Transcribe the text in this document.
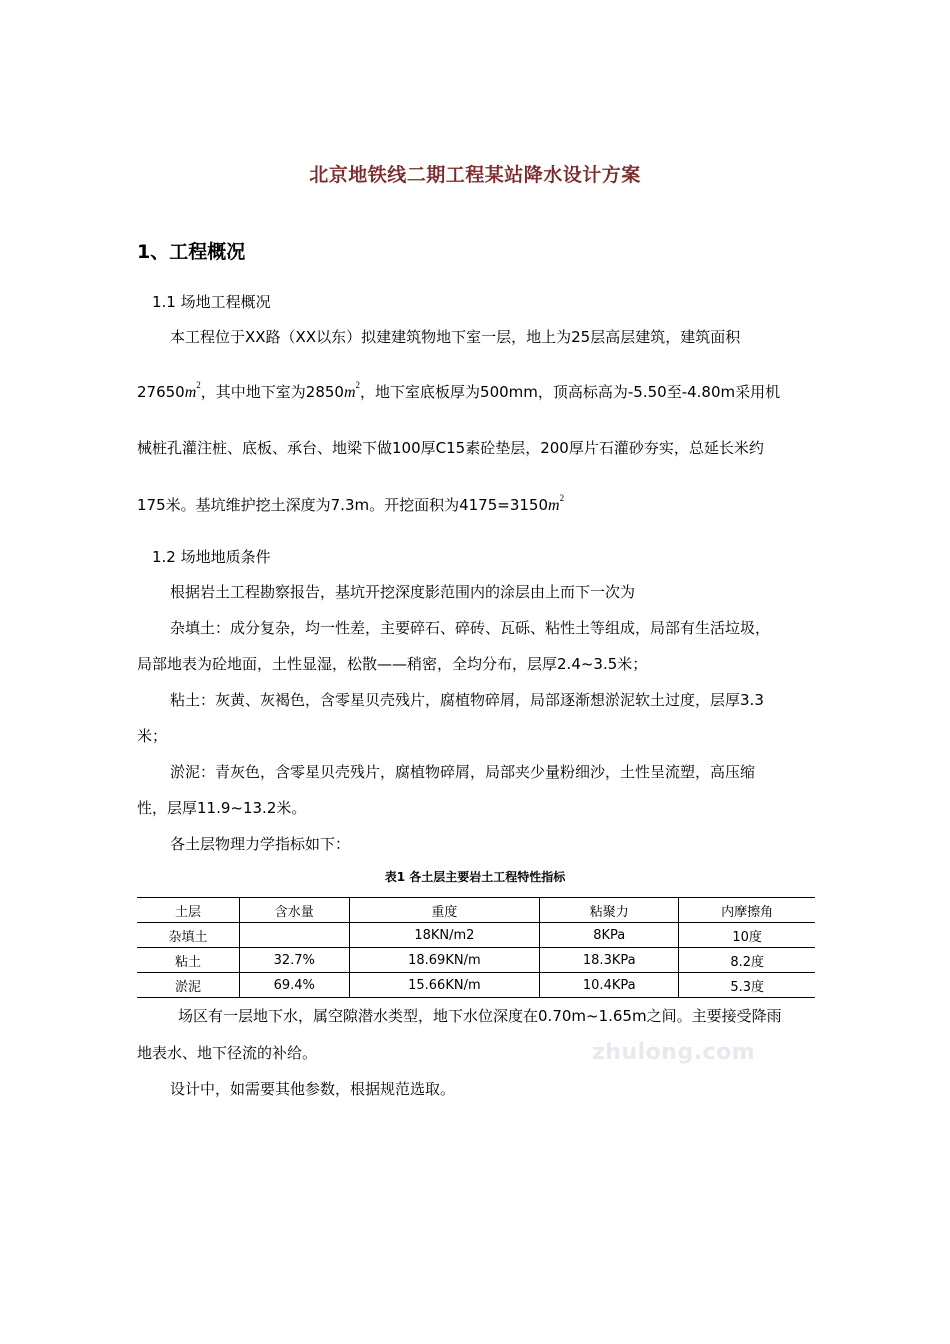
北京地铁线二期工程某站降水设计方案
1、工程概况
1.1 场地工程概况
本工程位于XX路（XX以东）拟建建筑物地下室一层，地上为25层高层建筑，建筑面积
$27650m^2$，其中地下室为$2850m^2$，地下室底板厚为500mm，顶高标高为-5.50至-4.80m采用机
械桩孔灌注桩、底板、承台、地梁下做100厚C15素砼垫层，200厚片石灌砂夯实，总延长米约
175米。基坑维护挖土深度为7.3m。开挖面积为$4175=3150m^2$
1.2 场地地质条件
根据岩土工程勘察报告，基坑开挖深度影范围内的涂层由上而下一次为
杂填土：成分复杂，均一性差，主要碎石、碎砖、瓦砾、粘性土等组成，局部有生活垃圾，
局部地表为砼地面，土性显湿，松散——稍密，全均分布，层厚2.4~3.5米；
粘土：灰黄、灰褐色，含零星贝壳残片，腐植物碎屑，局部逐渐想淤泥软土过度，层厚3.3
米；
淤泥：青灰色，含零星贝壳残片，腐植物碎屑，局部夹少量粉细沙，土性呈流塑，高压缩
性，层厚11.9~13.2米。
各土层物理力学指标如下：
表1 各土层主要岩土工程特性指标
土层	含水量	重度	粘聚力	内摩擦角
杂填土		18KN/m2	8KPa	10度
粘土	32.7%	18.69KN/m	18.3KPa	8.2度
淤泥	69.4%	15.66KN/m	10.4KPa	5.3度
场区有一层地下水，属空隙潜水类型，地下水位深度在0.70m~1.65m之间。主要接受降雨
地表水、地下径流的补给。	zhulong.com
设计中，如需要其他参数，根据规范选取。
